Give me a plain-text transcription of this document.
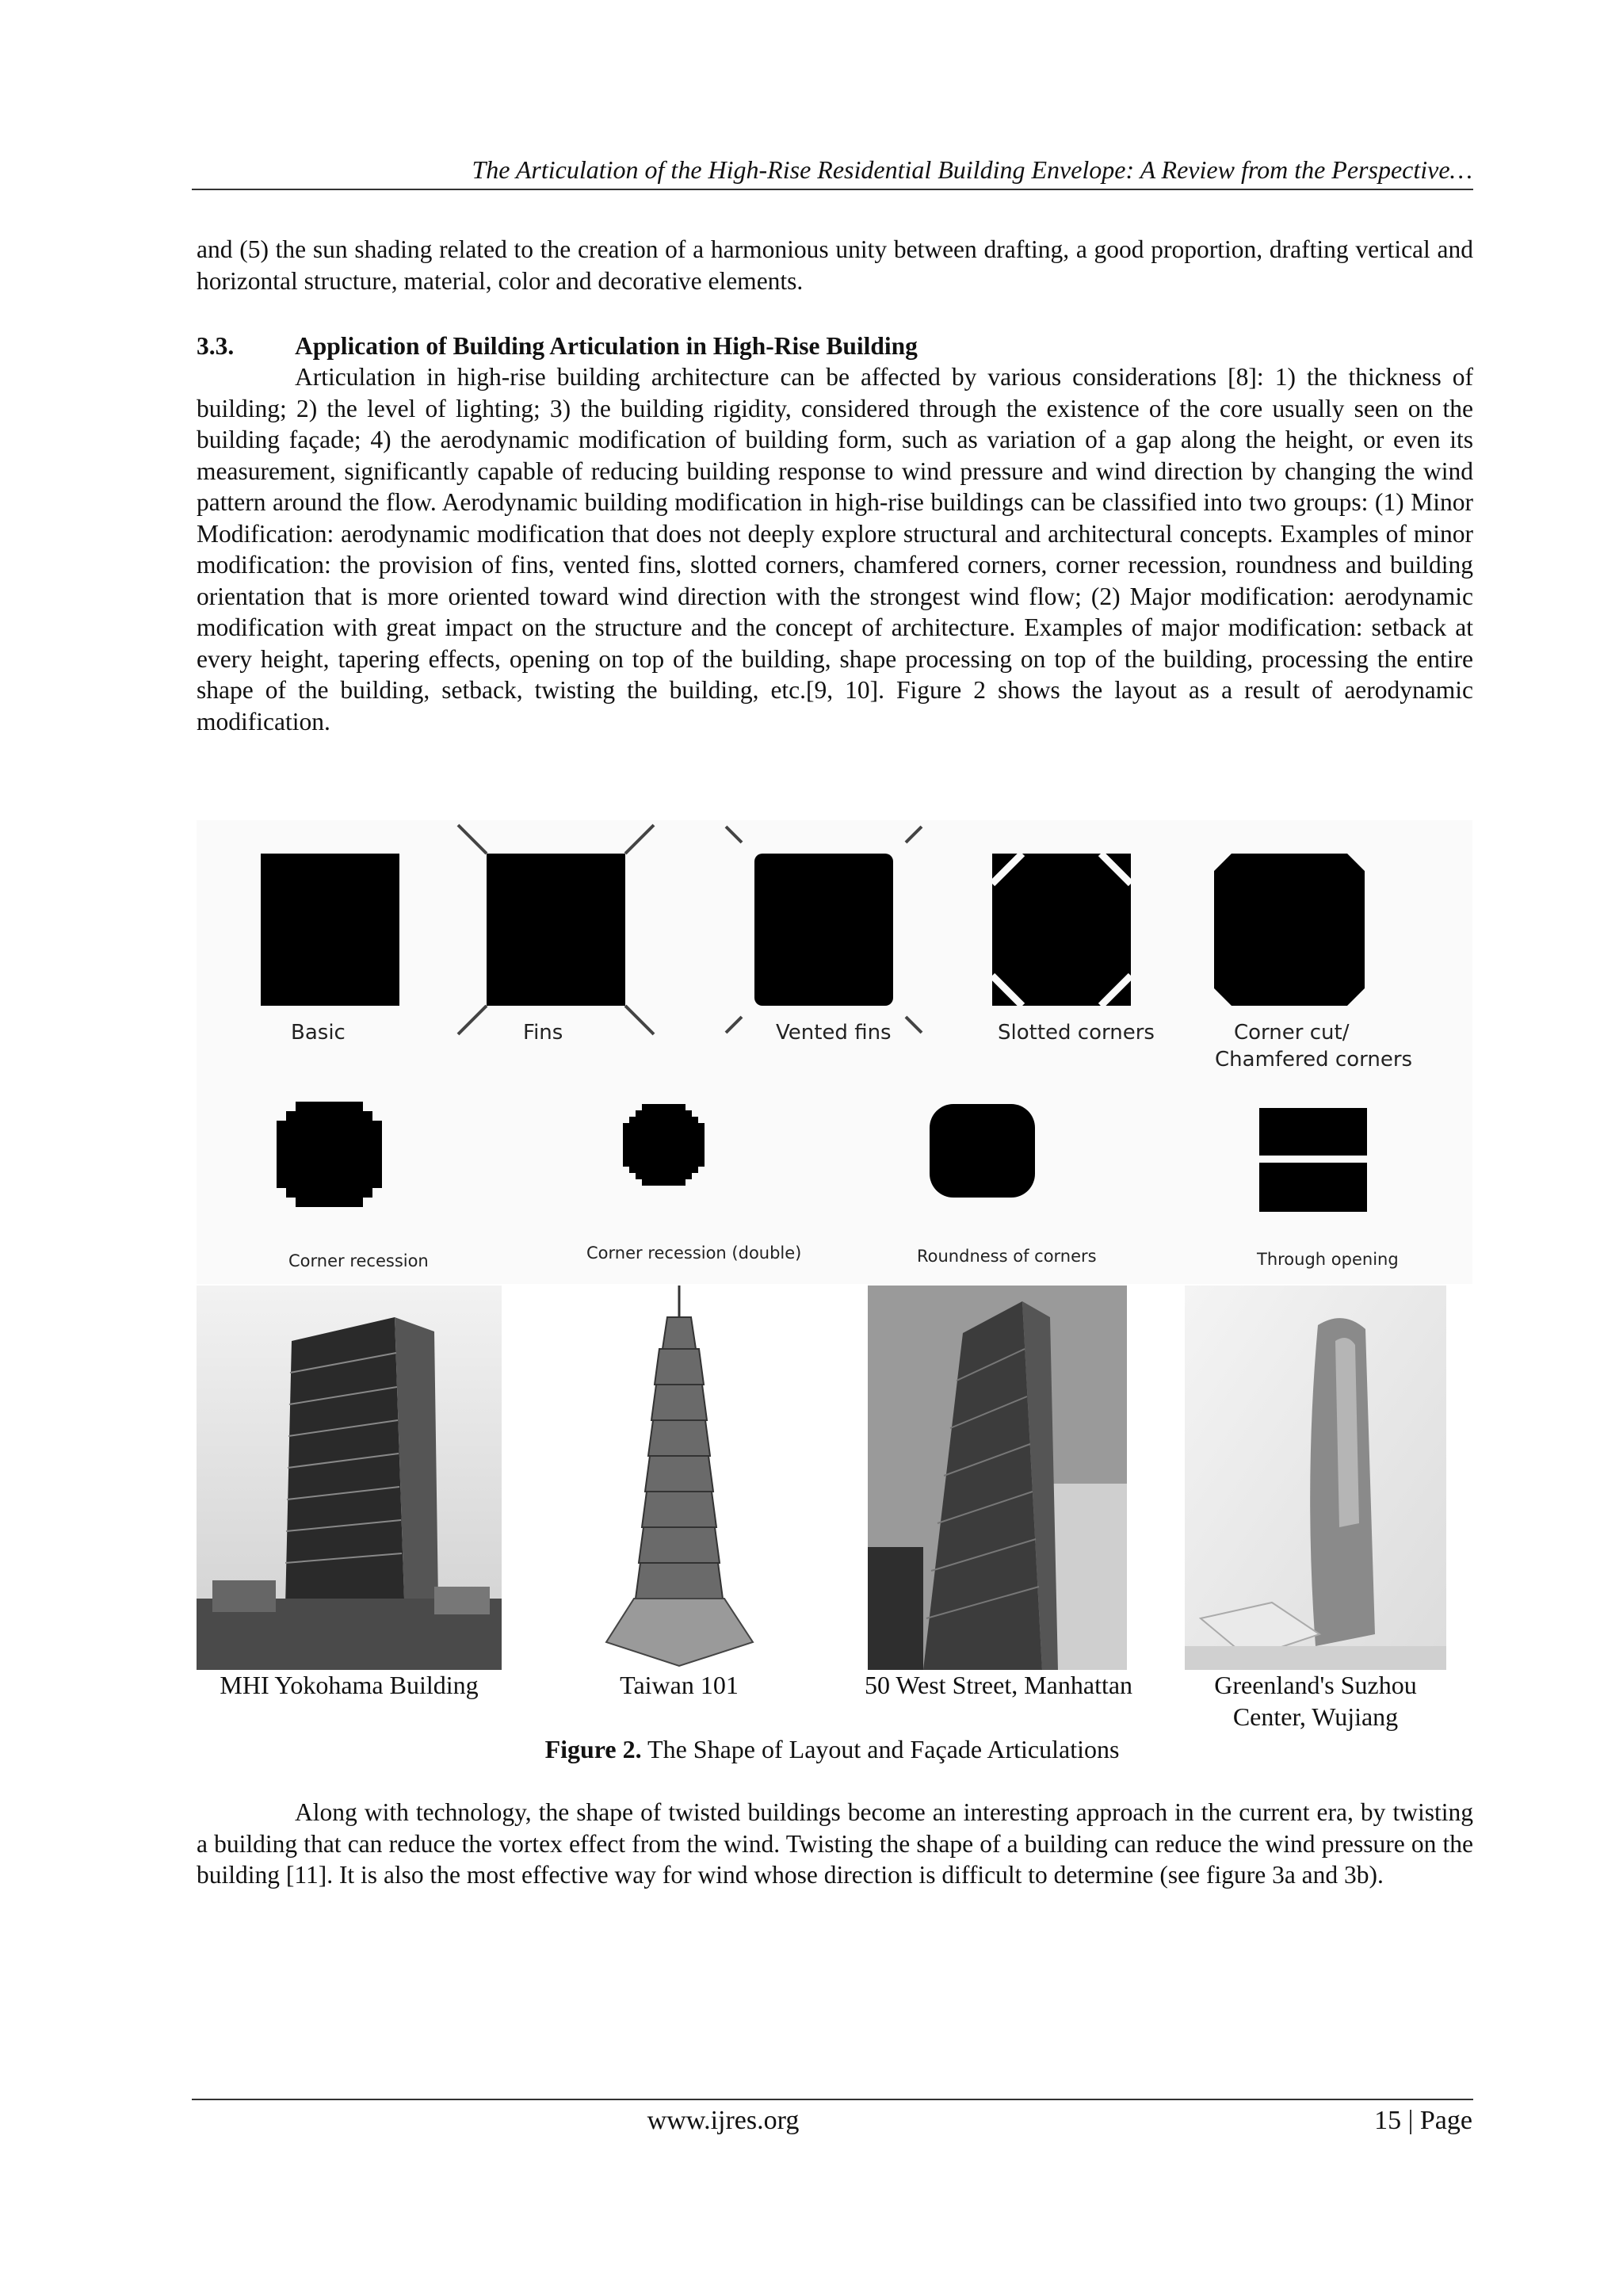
The Articulation of the High-Rise Residential Building Envelope: A Review from the Perspective…

and (5) the sun shading related to the creation of a harmonious unity between drafting, a good proportion, drafting vertical and horizontal structure, material, color and decorative elements.

3.3. Application of Building Articulation in High-Rise Building

Articulation in high-rise building architecture can be affected by various considerations [8]: 1) the thickness of building; 2) the level of lighting; 3) the building rigidity, considered through the existence of the core usually seen on the building façade; 4) the aerodynamic modification of building form, such as variation of a gap along the height, or even its measurement, significantly capable of reducing building response to wind pressure and wind direction by changing the wind pattern around the flow. Aerodynamic building modification in high-rise buildings can be classified into two groups: (1) Minor Modification: aerodynamic modification that does not deeply explore structural and architectural concepts. Examples of minor modification: the provision of fins, vented fins, slotted corners, chamfered corners, corner recession, roundness and building orientation that is more oriented toward wind direction with the strongest wind flow; (2) Major modification: aerodynamic modification with great impact on the structure and the concept of architecture. Examples of major modification: setback at every height, tapering effects, opening on top of the building, shape processing on top of the building, processing the entire shape of the building, setback, twisting the building, etc.[9, 10]. Figure 2 shows the layout as a result of aerodynamic modification.

Basic	Fins	Vented fins	Slotted corners	Corner cut/
Chamfered corners
Corner recession	Corner recession (double)	Roundness of corners	Through opening
MHI Yokohama Building	Taiwan 101	50 West Street, Manhattan	Greenland's Suzhou
Center, Wujiang
Figure 2. The Shape of Layout and Façade Articulations

Along with technology, the shape of twisted buildings become an interesting approach in the current era, by twisting a building that can reduce the vortex effect from the wind. Twisting the shape of a building can reduce the wind pressure on the building [11]. It is also the most effective way for wind whose direction is difficult to determine (see figure 3a and 3b).

www.ijres.org	15 | Page
